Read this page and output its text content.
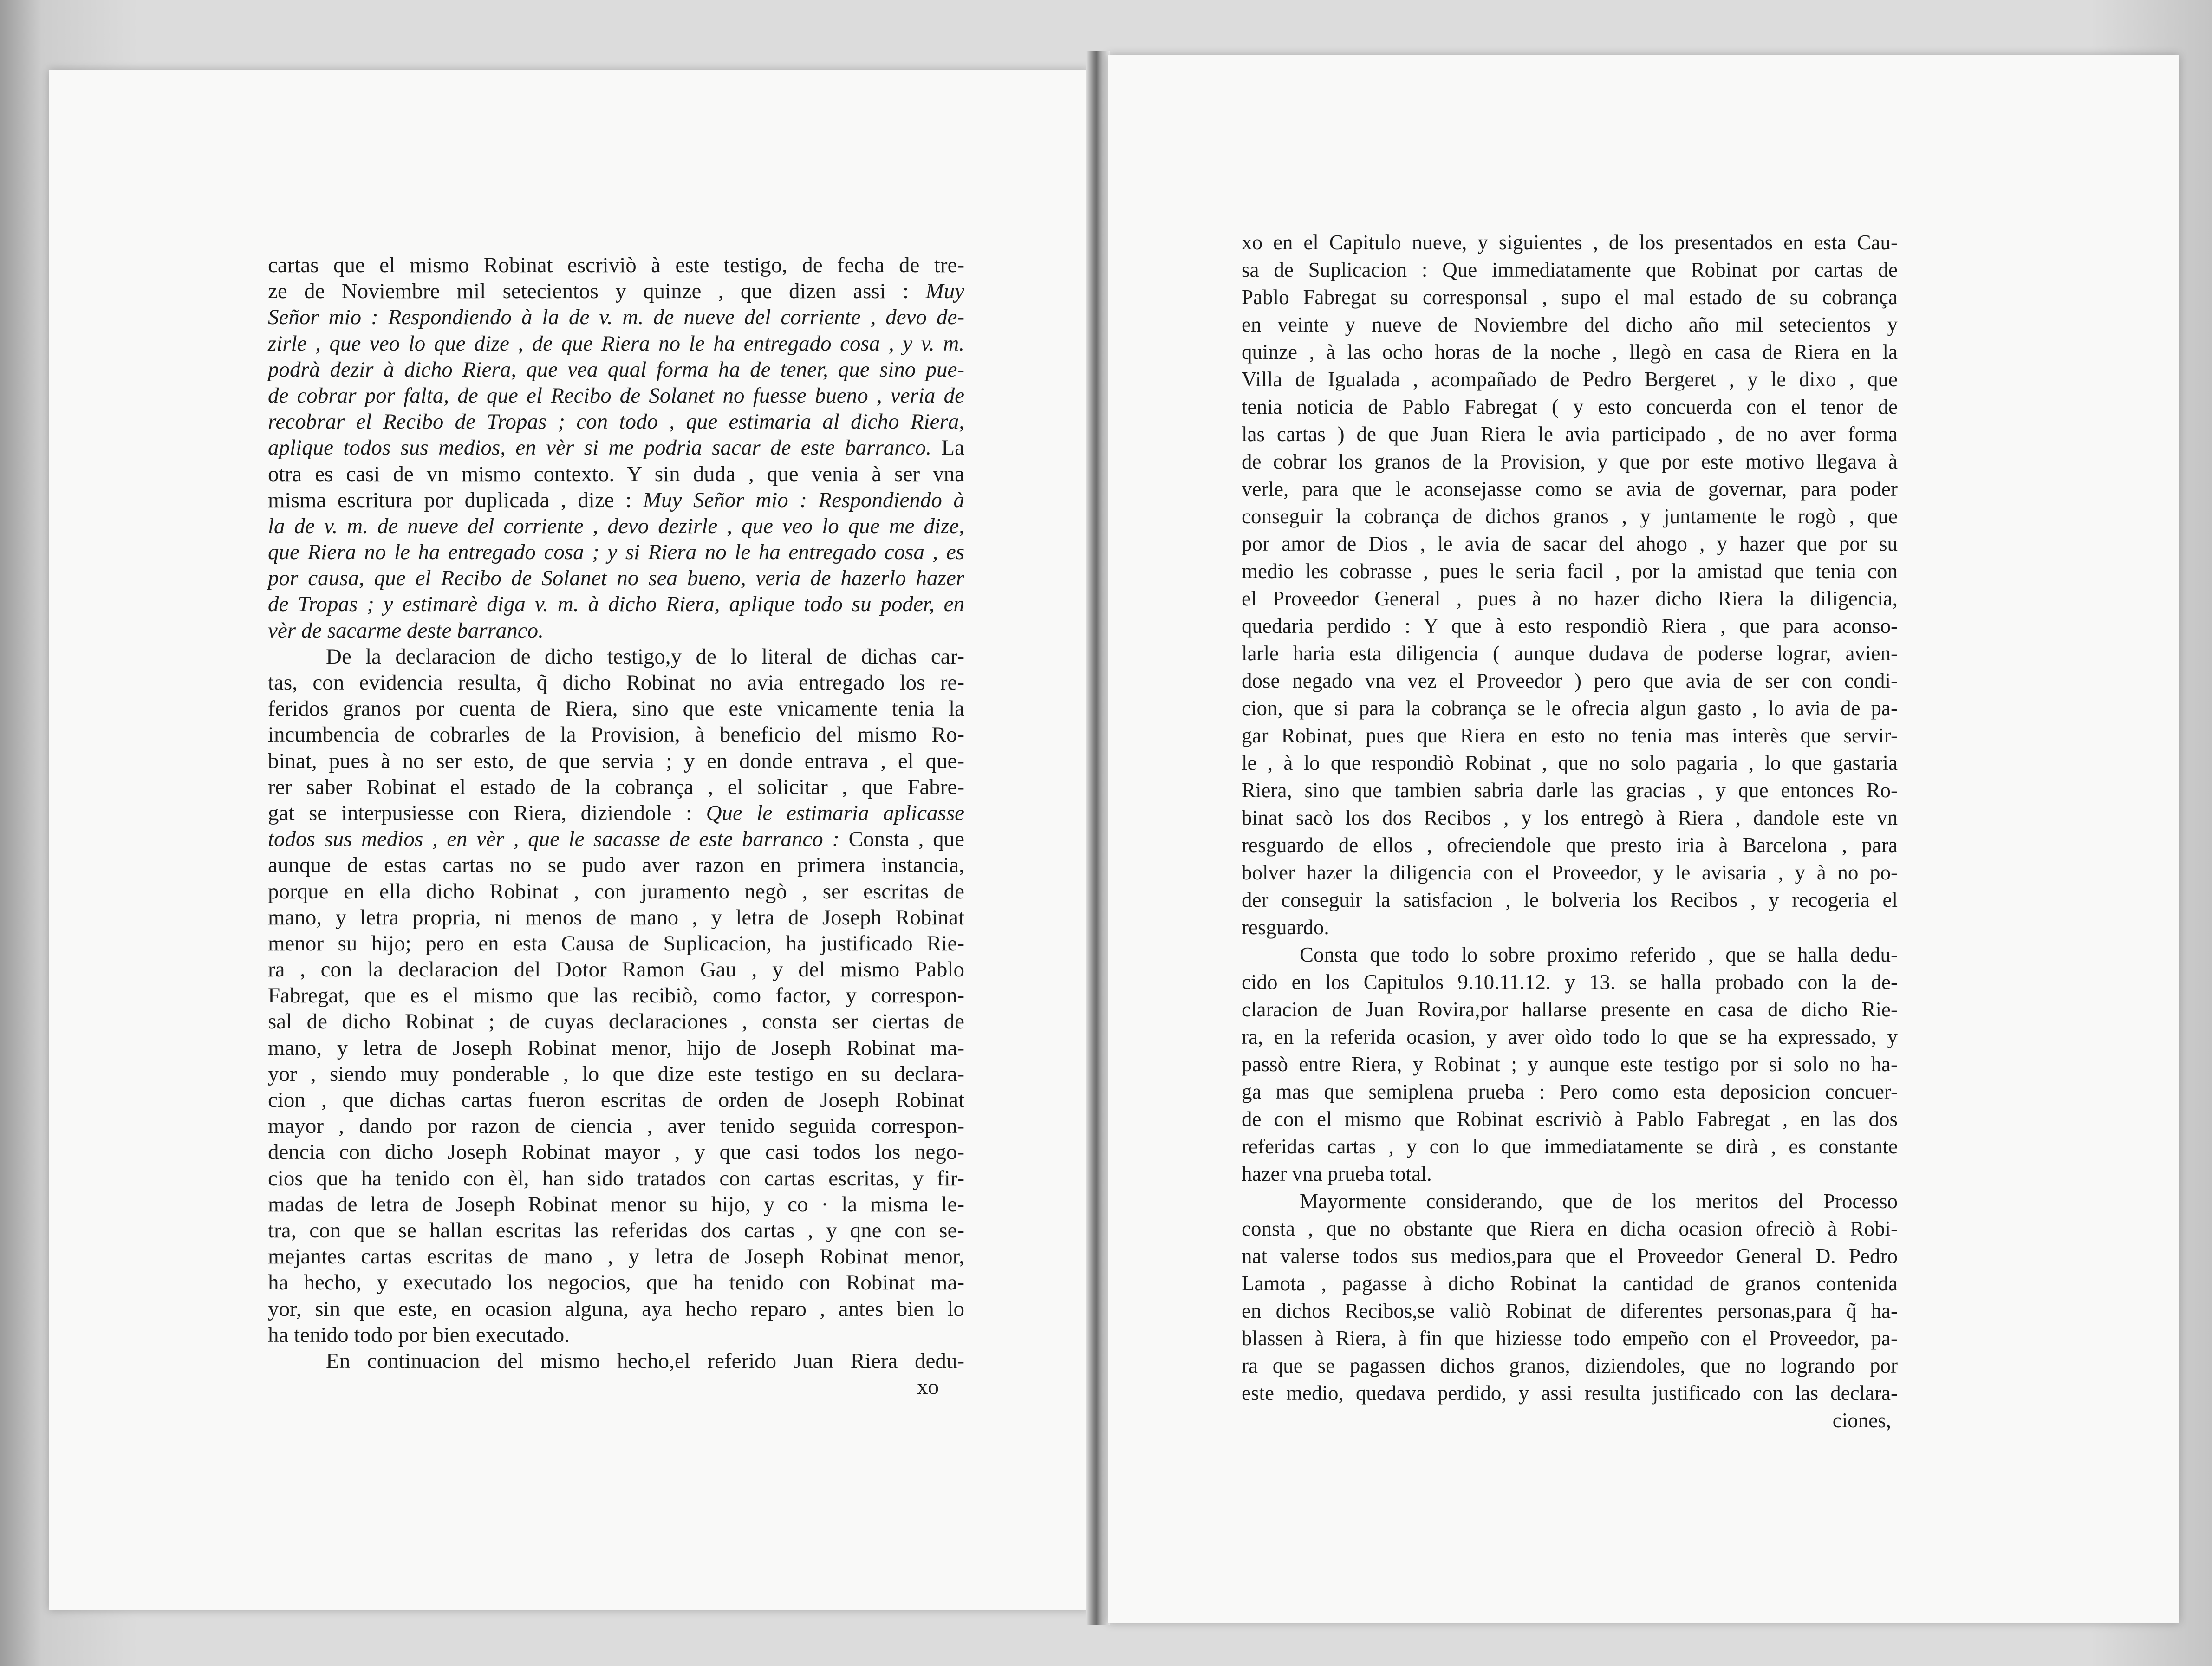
cartas que el mismo Robinat escriviò à este testigo, de fecha de tre-
ze de Noviembre mil setecientos y quinze , que dizen assi : Muy
Señor mio : Respondiendo à la de v. m. de nueve del corriente , devo de-
zirle , que veo lo que dize , de que Riera no le ha entregado cosa , y v. m.
podrà dezir à dicho Riera, que vea qual forma ha de tener, que sino pue-
de cobrar por falta, de que el Recibo de Solanet no fuesse bueno , veria de
recobrar el Recibo de Tropas ; con todo , que estimaria al dicho Riera,
aplique todos sus medios, en vèr si me podria sacar de este barranco. La
otra es casi de vn mismo contexto. Y sin duda , que venia à ser vna
misma escritura por duplicada , dize : Muy Señor mio : Respondiendo à
la de v. m. de nueve del corriente , devo dezirle , que veo lo que me dize,
que Riera no le ha entregado cosa ; y si Riera no le ha entregado cosa , es
por causa, que el Recibo de Solanet no sea bueno, veria de hazerlo hazer
de Tropas ; y estimarè diga v. m. à dicho Riera, aplique todo su poder, en
vèr de sacarme deste barranco.
De la declaracion de dicho testigo,y de lo literal de dichas car-
tas, con evidencia resulta, q̃ dicho Robinat no avia entregado los re-
feridos granos por cuenta de Riera, sino que este vnicamente tenia la
incumbencia de cobrarles de la Provision, à beneficio del mismo Ro-
binat, pues à no ser esto, de que servia ; y en donde entrava , el que-
rer saber Robinat el estado de la cobrança , el solicitar , que Fabre-
gat se interpusiesse con Riera, diziendole : Que le estimaria aplicasse
todos sus medios , en vèr , que le sacasse de este barranco : Consta , que
aunque de estas cartas no se pudo aver razon en primera instancia,
porque en ella dicho Robinat , con juramento negò , ser escritas de
mano, y letra propria, ni menos de mano , y letra de Joseph Robinat
menor su hijo; pero en esta Causa de Suplicacion, ha justificado Rie-
ra , con la declaracion del Dotor Ramon Gau , y del mismo Pablo
Fabregat, que es el mismo que las recibiò, como factor, y correspon-
sal de dicho Robinat ; de cuyas declaraciones , consta ser ciertas de
mano, y letra de Joseph Robinat menor, hijo de Joseph Robinat ma-
yor , siendo muy ponderable , lo que dize este testigo en su declara-
cion , que dichas cartas fueron escritas de orden de Joseph Robinat
mayor , dando por razon de ciencia , aver tenido seguida correspon-
dencia con dicho Joseph Robinat mayor , y que casi todos los nego-
cios que ha tenido con èl, han sido tratados con cartas escritas, y fir-
madas de letra de Joseph Robinat menor su hijo, y co · la misma le-
tra, con que se hallan escritas las referidas dos cartas , y qne con se-
mejantes cartas escritas de mano , y letra de Joseph Robinat menor,
ha hecho, y executado los negocios, que ha tenido con Robinat ma-
yor, sin que este, en ocasion alguna, aya hecho reparo , antes bien lo
ha tenido todo por bien executado.
En continuacion del mismo hecho,el referido Juan Riera dedu-
xo
xo en el Capitulo nueve, y siguientes , de los presentados en esta Cau-
sa de Suplicacion : Que immediatamente que Robinat por cartas de
Pablo Fabregat su corresponsal , supo el mal estado de su cobrança
en veinte y nueve de Noviembre del dicho año mil setecientos y
quinze , à las ocho horas de la noche , llegò en casa de Riera en la
Villa de Igualada , acompañado de Pedro Bergeret , y le dixo , que
tenia noticia de Pablo Fabregat ( y esto concuerda con el tenor de
las cartas ) de que Juan Riera le avia participado , de no aver forma
de cobrar los granos de la Provision, y que por este motivo llegava à
verle, para que le aconsejasse como se avia de governar, para poder
conseguir la cobrança de dichos granos , y juntamente le rogò , que
por amor de Dios , le avia de sacar del ahogo , y hazer que por su
medio les cobrasse , pues le seria facil , por la amistad que tenia con
el Proveedor General , pues à no hazer dicho Riera la diligencia,
quedaria perdido : Y que à esto respondiò Riera , que para aconso-
larle haria esta diligencia ( aunque dudava de poderse lograr, avien-
dose negado vna vez el Proveedor ) pero que avia de ser con condi-
cion, que si para la cobrança se le ofrecia algun gasto , lo avia de pa-
gar Robinat, pues que Riera en esto no tenia mas interès que servir-
le , à lo que respondiò Robinat , que no solo pagaria , lo que gastaria
Riera, sino que tambien sabria darle las gracias , y que entonces Ro-
binat sacò los dos Recibos , y los entregò à Riera , dandole este vn
resguardo de ellos , ofreciendole que presto iria à Barcelona , para
bolver hazer la diligencia con el Proveedor, y le avisaria , y à no po-
der conseguir la satisfacion , le bolveria los Recibos , y recogeria el
resguardo.
Consta que todo lo sobre proximo referido , que se halla dedu-
cido en los Capitulos 9.10.11.12. y 13. se halla probado con la de-
claracion de Juan Rovira,por hallarse presente en casa de dicho Rie-
ra, en la referida ocasion, y aver oìdo todo lo que se ha expressado, y
passò entre Riera, y Robinat ; y aunque este testigo por si solo no ha-
ga mas que semiplena prueba : Pero como esta deposicion concuer-
de con el mismo que Robinat escriviò à Pablo Fabregat , en las dos
referidas cartas , y con lo que immediatamente se dirà , es constante
hazer vna prueba total.
Mayormente considerando, que de los meritos del Processo
consta , que no obstante que Riera en dicha ocasion ofreciò à Robi-
nat valerse todos sus medios,para que el Proveedor General D. Pedro
Lamota , pagasse à dicho Robinat la cantidad de granos contenida
en dichos Recibos,se valiò Robinat de diferentes personas,para q̃ ha-
blassen à Riera, à fin que hiziesse todo empeño con el Proveedor, pa-
ra que se pagassen dichos granos, diziendoles, que no logrando por
este medio, quedava perdido, y assi resulta justificado con las declara-
ciones,
